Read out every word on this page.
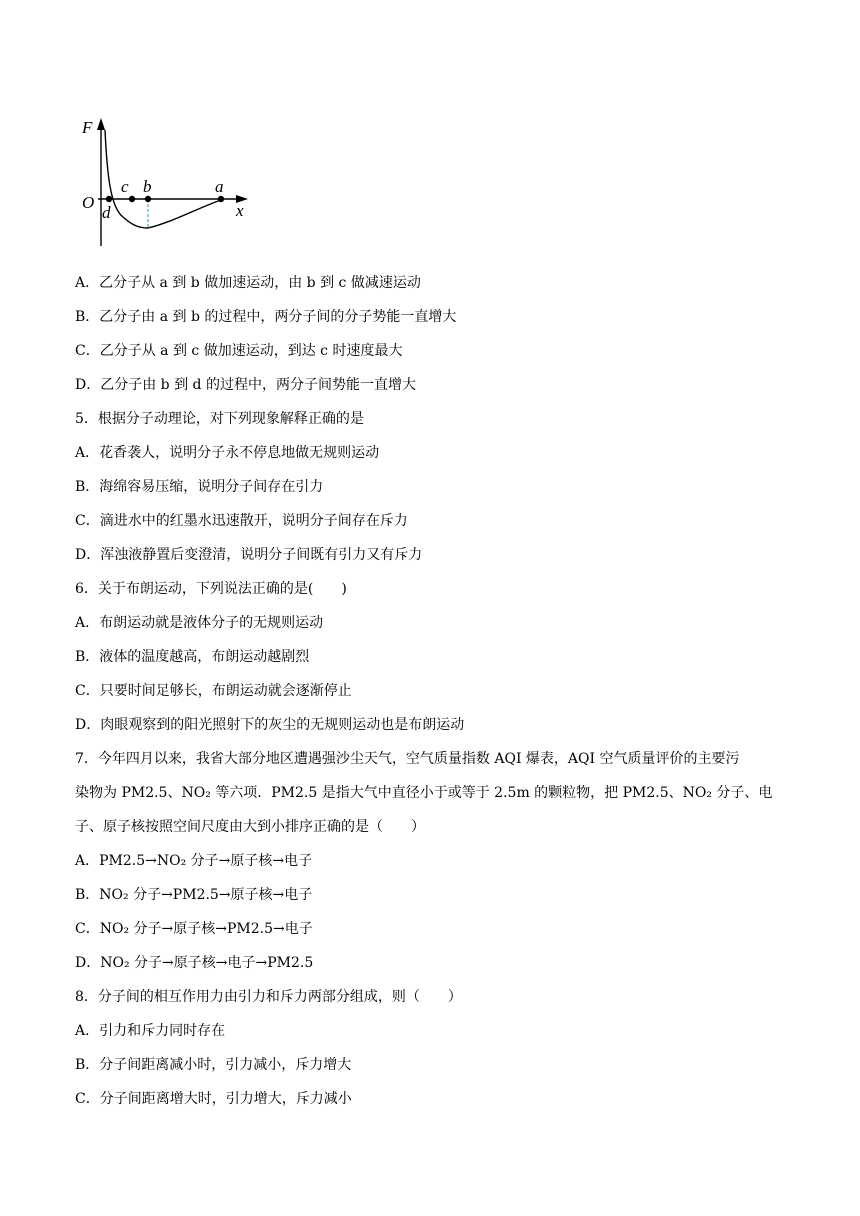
F
x
O
c b	a
d
A．乙分子从 a 到 b 做加速运动，由 b 到 c 做减速运动
B．乙分子由 a 到 b 的过程中，两分子间的分子势能一直增大
C．乙分子从 a 到 c 做加速运动，到达 c 时速度最大
D．乙分子由 b 到 d 的过程中，两分子间势能一直增大
5．根据分子动理论，对下列现象解释正确的是
A．花香袭人，说明分子永不停息地做无规则运动
B．海绵容易压缩，说明分子间存在引力
C．滴进水中的红墨水迅速散开，说明分子间存在斥力
D．浑浊液静置后变澄清，说明分子间既有引力又有斥力
6．关于布朗运动，下列说法正确的是(　　)
A．布朗运动就是液体分子的无规则运动
B．液体的温度越高，布朗运动越剧烈
C．只要时间足够长，布朗运动就会逐渐停止
D．肉眼观察到的阳光照射下的灰尘的无规则运动也是布朗运动
7．今年四月以来，我省大部分地区遭遇强沙尘天气，空气质量指数 AQI 爆表，AQI 空气质量评价的主要污
染物为 PM2.5、NO₂ 等六项．PM2.5 是指大气中直径小于或等于 2.5m 的颗粒物，把 PM2.5、NO₂ 分子、电
子、原子核按照空间尺度由大到小排序正确的是（　　）
A．PM2.5→NO₂ 分子→原子核→电子
B．NO₂ 分子→PM2.5→原子核→电子
C．NO₂ 分子→原子核→PM2.5→电子
D．NO₂ 分子→原子核→电子→PM2.5
8．分子间的相互作用力由引力和斥力两部分组成，则（　　）
A．引力和斥力同时存在
B．分子间距离减小时，引力减小，斥力增大
C．分子间距离增大时，引力增大，斥力减小
